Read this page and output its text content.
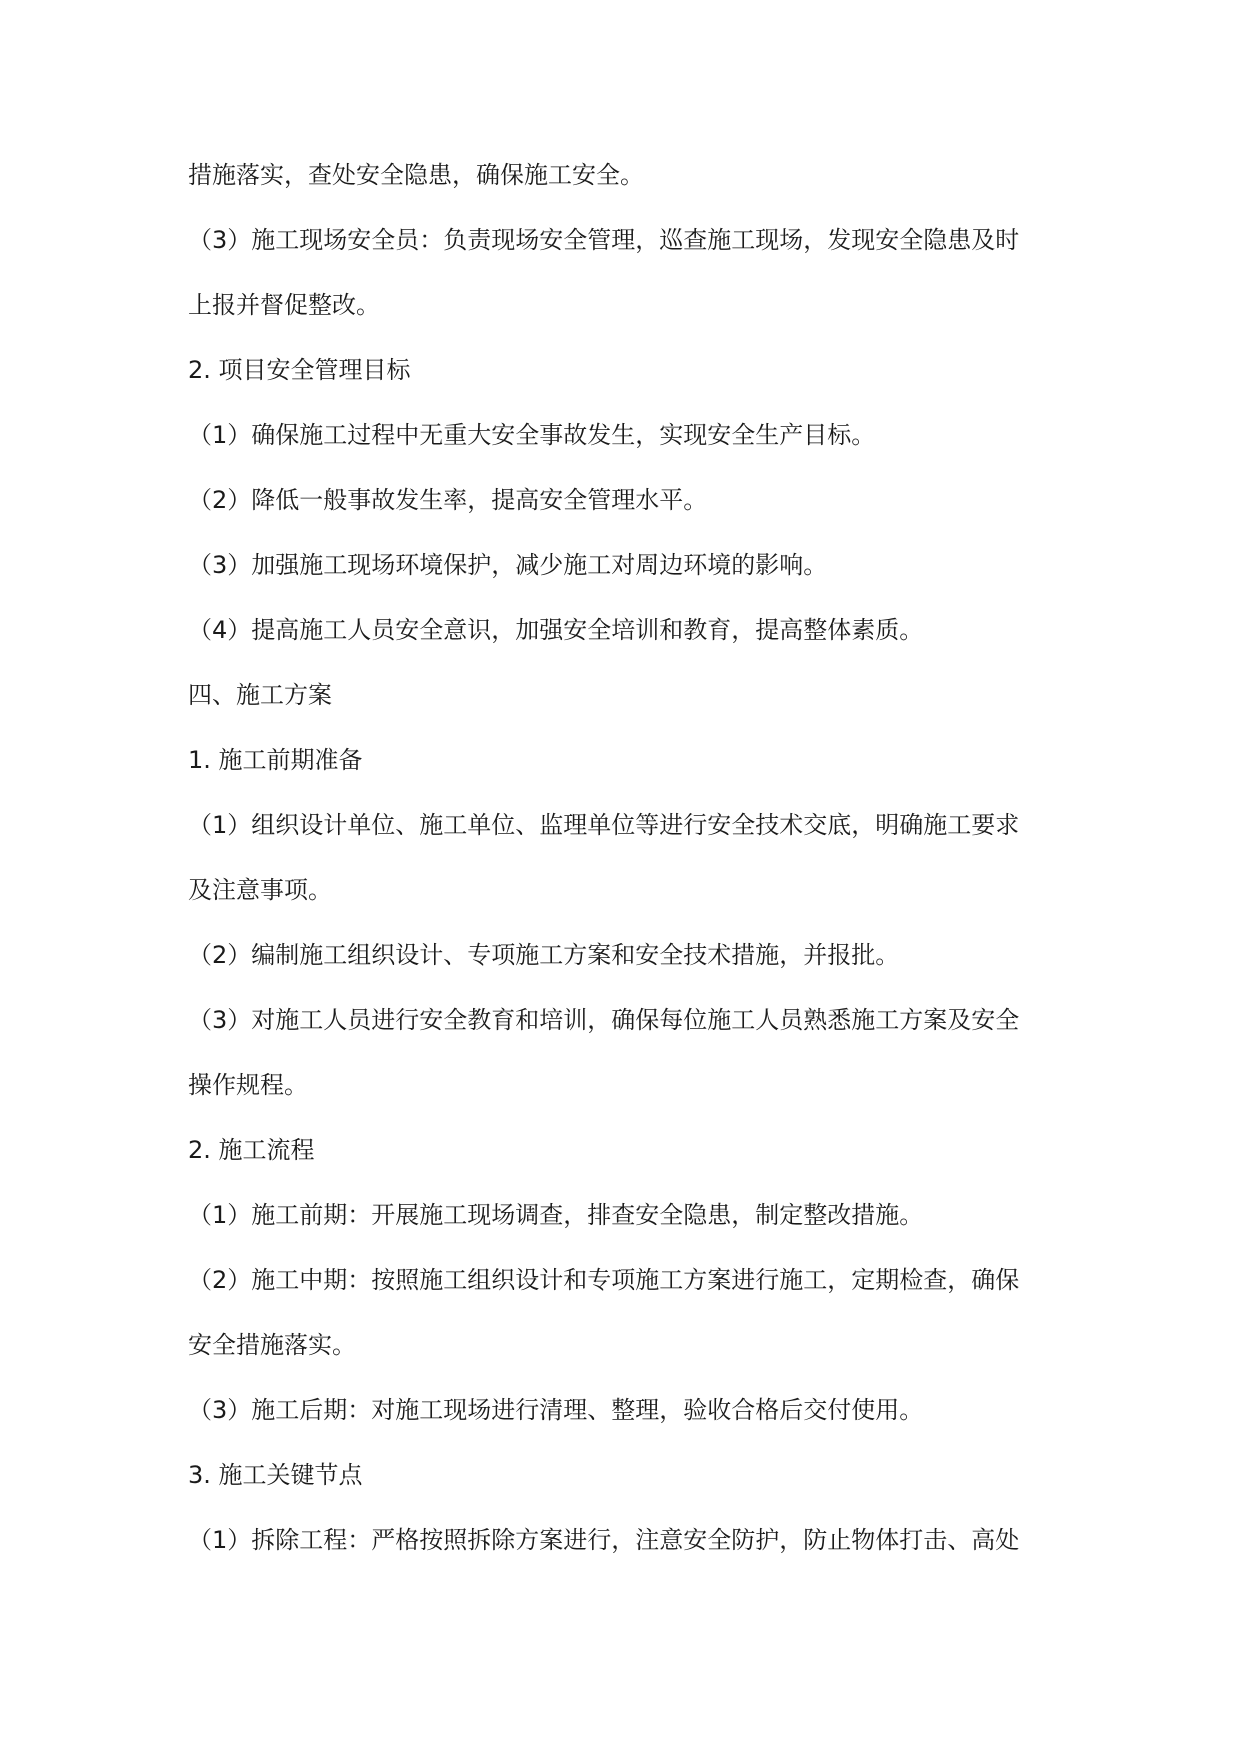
措施落实，查处安全隐患，确保施工安全。
（3）施工现场安全员：负责现场安全管理，巡查施工现场，发现安全隐患及时
上报并督促整改。
2. 项目安全管理目标
（1）确保施工过程中无重大安全事故发生，实现安全生产目标。
（2）降低一般事故发生率，提高安全管理水平。
（3）加强施工现场环境保护，减少施工对周边环境的影响。
（4）提高施工人员安全意识，加强安全培训和教育，提高整体素质。
四、施工方案
1. 施工前期准备
（1）组织设计单位、施工单位、监理单位等进行安全技术交底，明确施工要求
及注意事项。
（2）编制施工组织设计、专项施工方案和安全技术措施，并报批。
（3）对施工人员进行安全教育和培训，确保每位施工人员熟悉施工方案及安全
操作规程。
2. 施工流程
（1）施工前期：开展施工现场调查，排查安全隐患，制定整改措施。
（2）施工中期：按照施工组织设计和专项施工方案进行施工，定期检查，确保
安全措施落实。
（3）施工后期：对施工现场进行清理、整理，验收合格后交付使用。
3. 施工关键节点
（1）拆除工程：严格按照拆除方案进行，注意安全防护，防止物体打击、高处
